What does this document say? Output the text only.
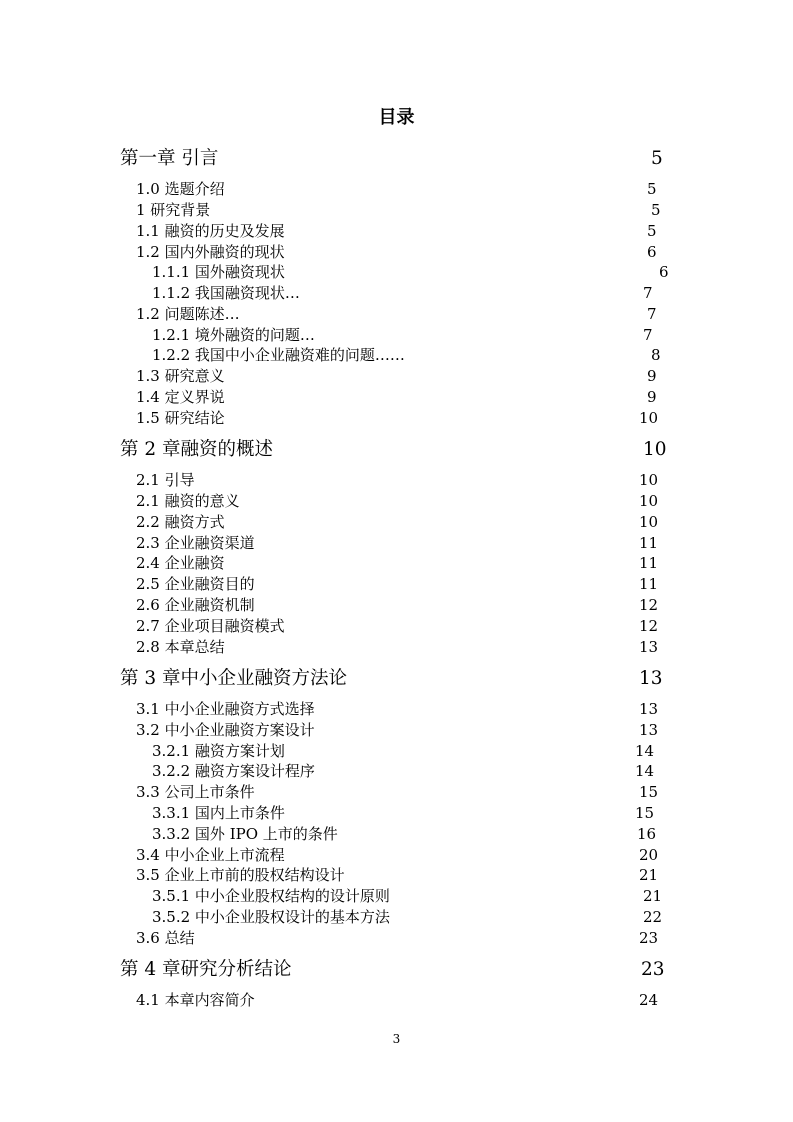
目录
第一章 引言	5
1.0 选题介绍	5
1 研究背景	5
1.1 融资的历史及发展	5
1.2 国内外融资的现状	6
1.1.1 国外融资现状	6
1.1.2 我国融资现状…	7
1.2 问题陈述…	7
1.2.1 境外融资的问题…	7
1.2.2 我国中小企业融资难的问题……	8
1.3 研究意义	9
1.4 定义界说	9
1.5 研究结论	10
第 2 章融资的概述	10
2.1 引导	10
2.1 融资的意义	10
2.2 融资方式	10
2.3 企业融资渠道	11
2.4 企业融资	11
2.5 企业融资目的	11
2.6 企业融资机制	12
2.7 企业项目融资模式	12
2.8 本章总结	13
第 3 章中小企业融资方法论	13
3.1 中小企业融资方式选择	13
3.2 中小企业融资方案设计	13
3.2.1 融资方案计划	14
3.2.2 融资方案设计程序	14
3.3 公司上市条件	15
3.3.1 国内上市条件	15
3.3.2 国外 IPO 上市的条件	16
3.4 中小企业上市流程	20
3.5 企业上市前的股权结构设计	21
3.5.1 中小企业股权结构的设计原则	21
3.5.2 中小企业股权设计的基本方法	22
3.6 总结	23
第 4 章研究分析结论	23
4.1 本章内容简介	24
3
